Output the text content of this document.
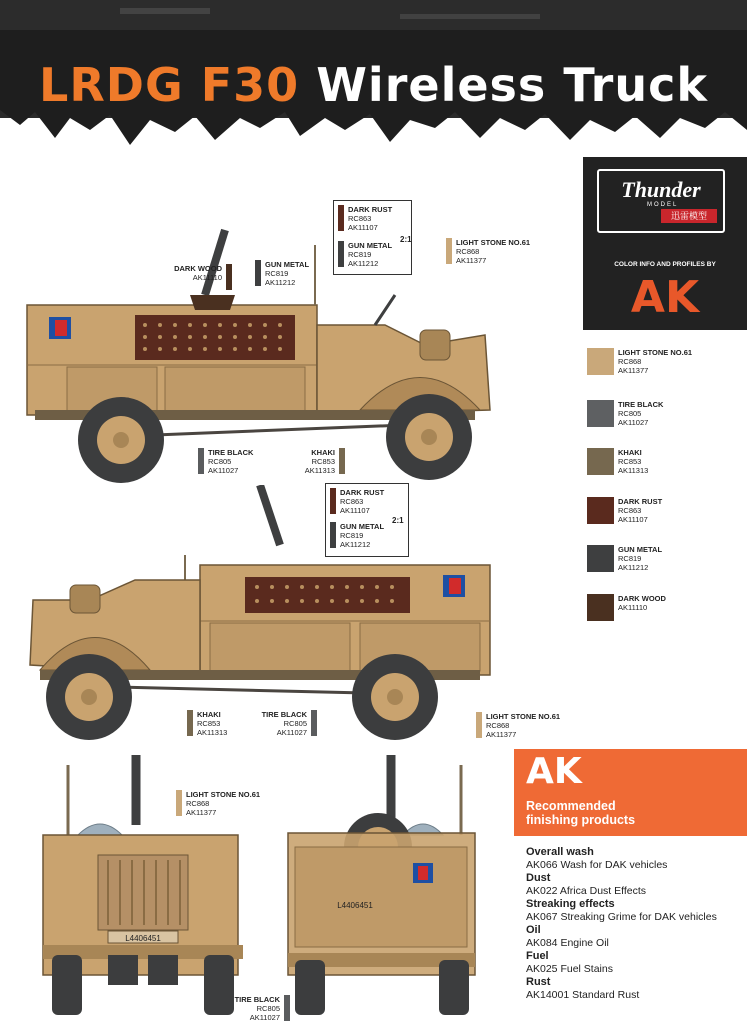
LRDG F30 Wireless Truck
Thunder
MODEL
迅雷模型
COLOR INFO AND PROFILES BY
AK
L4406451
L4406451
DARK WOOD
AK11110
GUN METAL
RC819
AK11212
DARK RUST
RC863
AK11107
GUN METAL
RC819
AK11212
2:1	LIGHT STONE NO.61
RC868
AK11377
TIRE BLACK
RC805
AK11027
KHAKI
RC853
AK11313
DARK RUST
RC863
AK11107
GUN METAL
RC819
AK11212
2:1
KHAKI
RC853
AK11313
TIRE BLACK
RC805
AK11027
LIGHT STONE NO.61
RC868
AK11377
LIGHT STONE NO.61
RC868
AK11377
TIRE BLACK
RC805
AK11027
LIGHT STONE NO.61
RC868
AK11377
TIRE BLACK
RC805
AK11027
KHAKI
RC853
AK11313
DARK RUST
RC863
AK11107
GUN METAL
RC819
AK11212
DARK WOOD
AK11110
AK
Recommended
finishing products
Overall wash
AK066 Wash for DAK vehicles
Dust
AK022 Africa Dust Effects
Streaking effects
AK067 Streaking Grime for DAK vehicles
Oil
AK084 Engine Oil
Fuel
AK025 Fuel Stains
Rust
AK14001 Standard Rust
